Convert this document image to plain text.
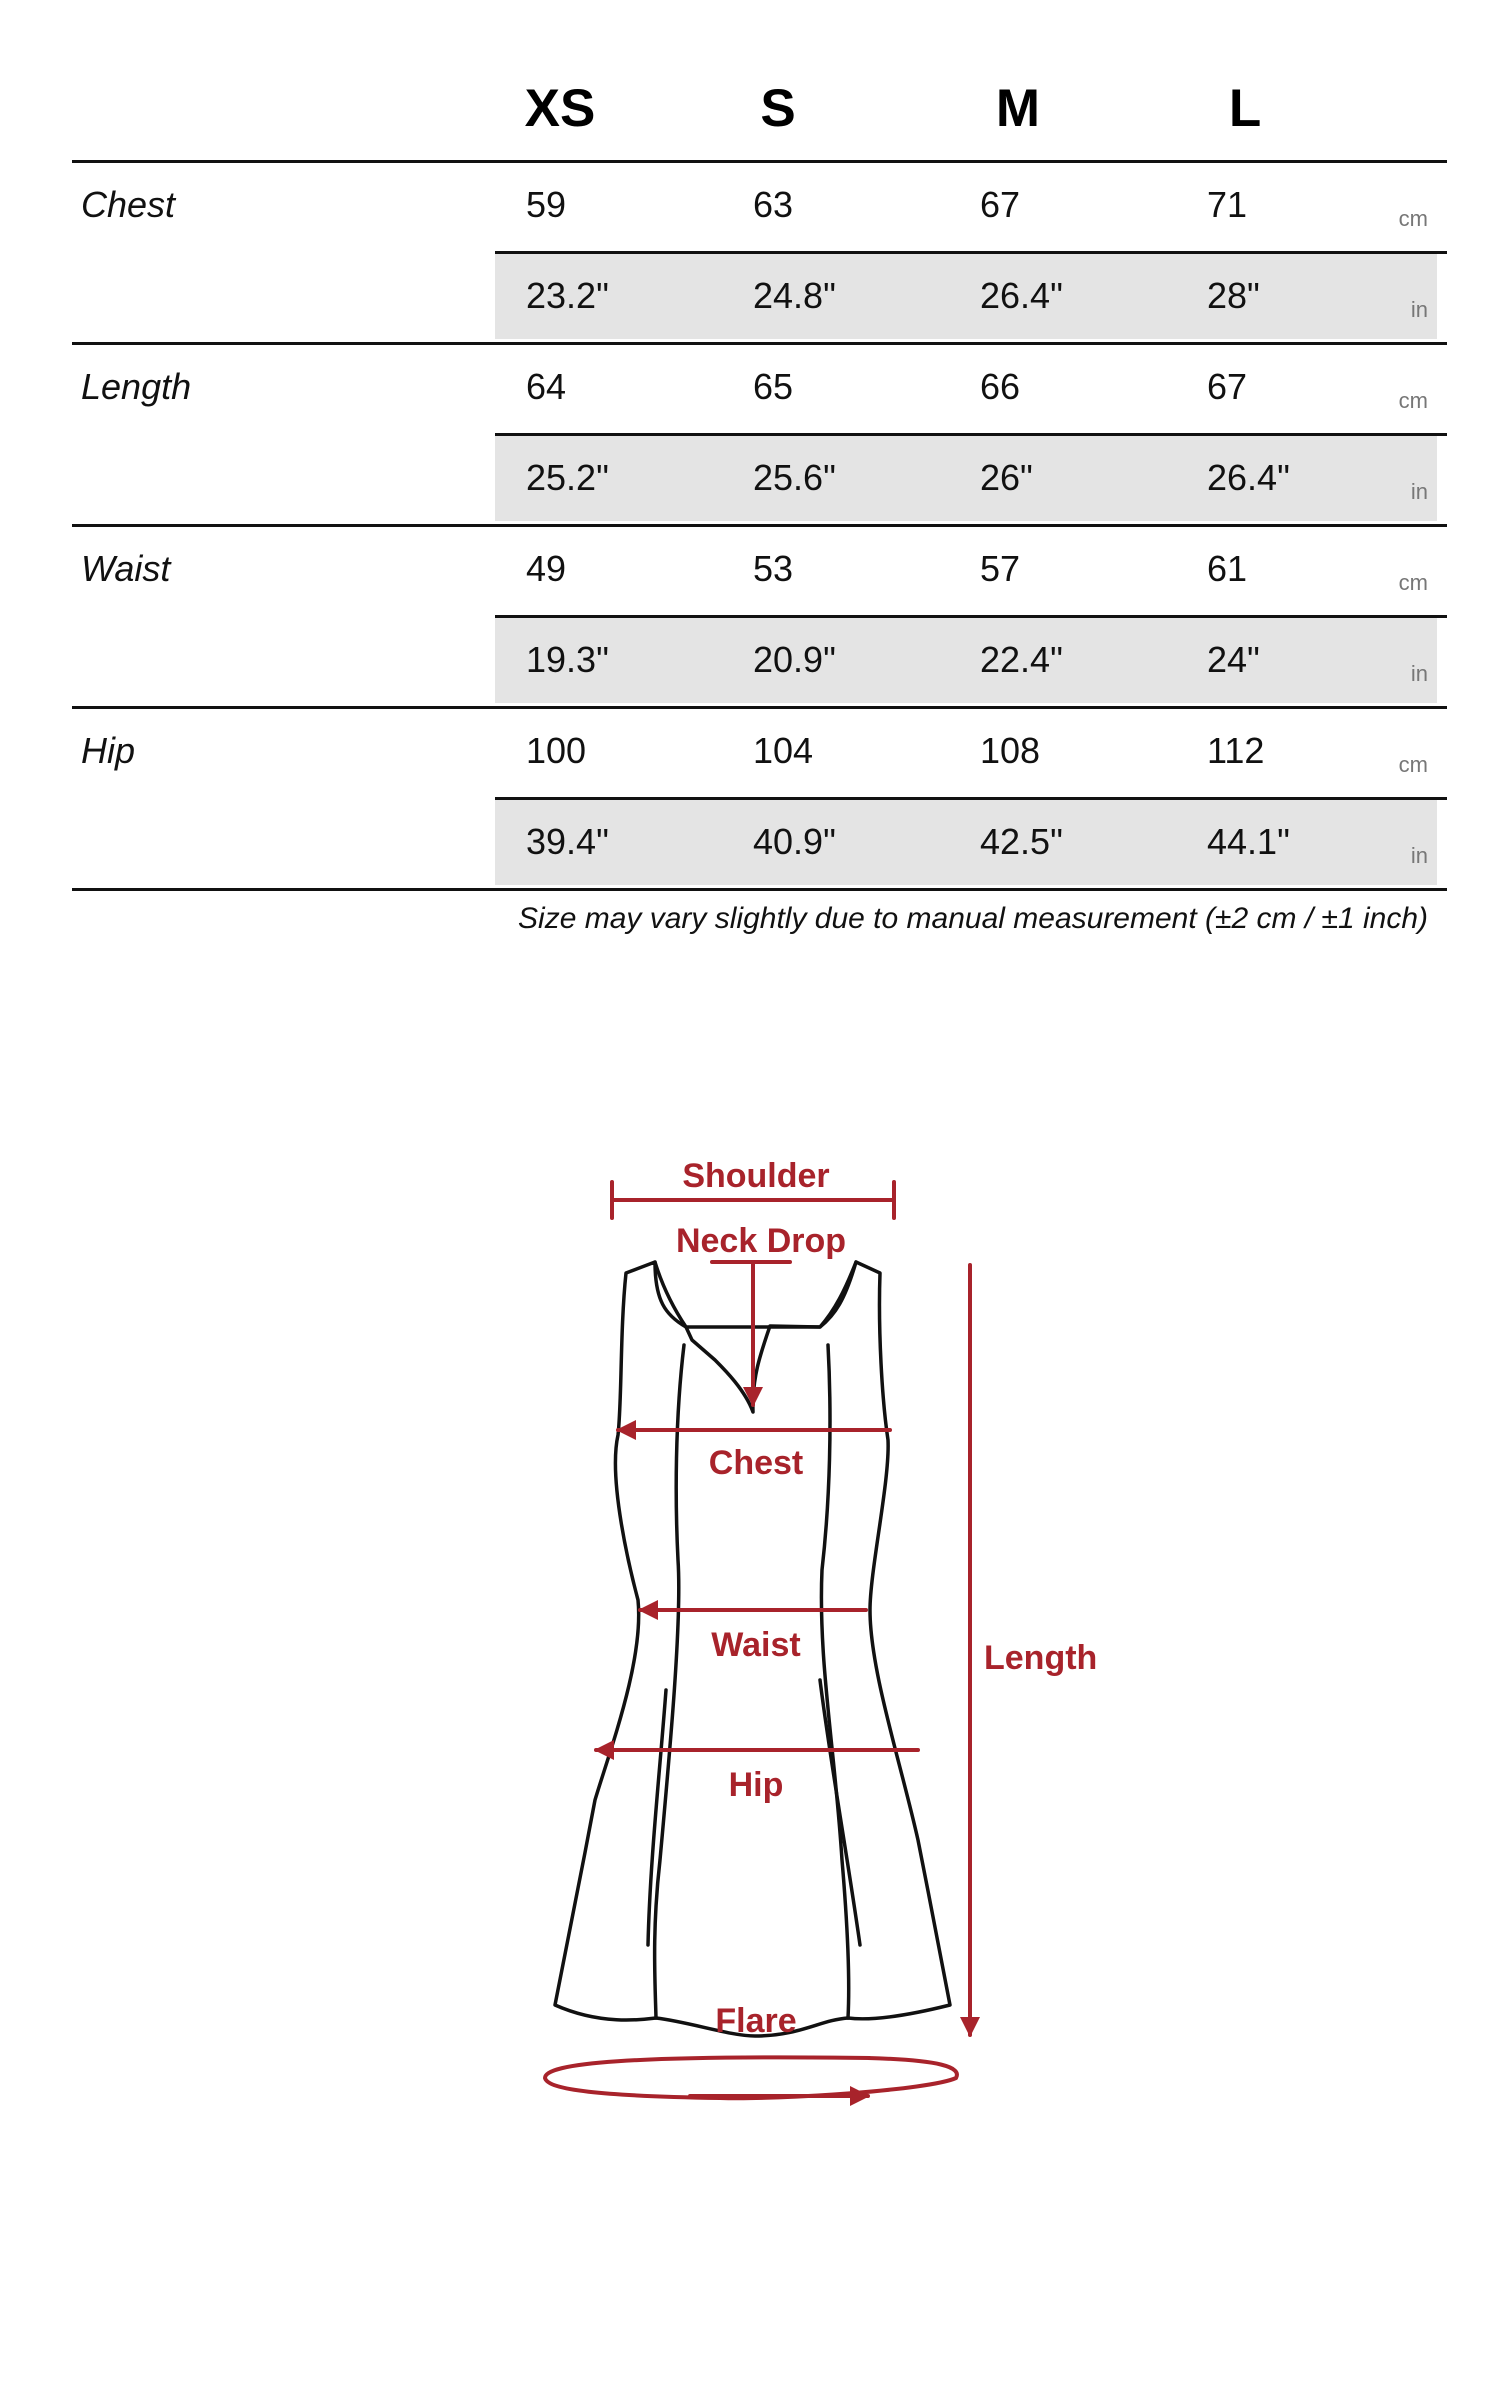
XS	S	M	L
Chest	59	63	67	71	cm
23.2"	24.8"	26.4"	28"	in
Length	64	65	66	67	cm
25.2"	25.6"	26"	26.4"	in
Waist	49	53	57	61	cm
19.3"	20.9"	22.4"	24"	in
Hip	100	104	108	112	cm
39.4"	40.9"	42.5"	44.1"	in
Size may vary slightly due to manual measurement (±2 cm / ±1 inch)
Shoulder
Neck Drop
Chest
Waist
Hip
Length
Flare
